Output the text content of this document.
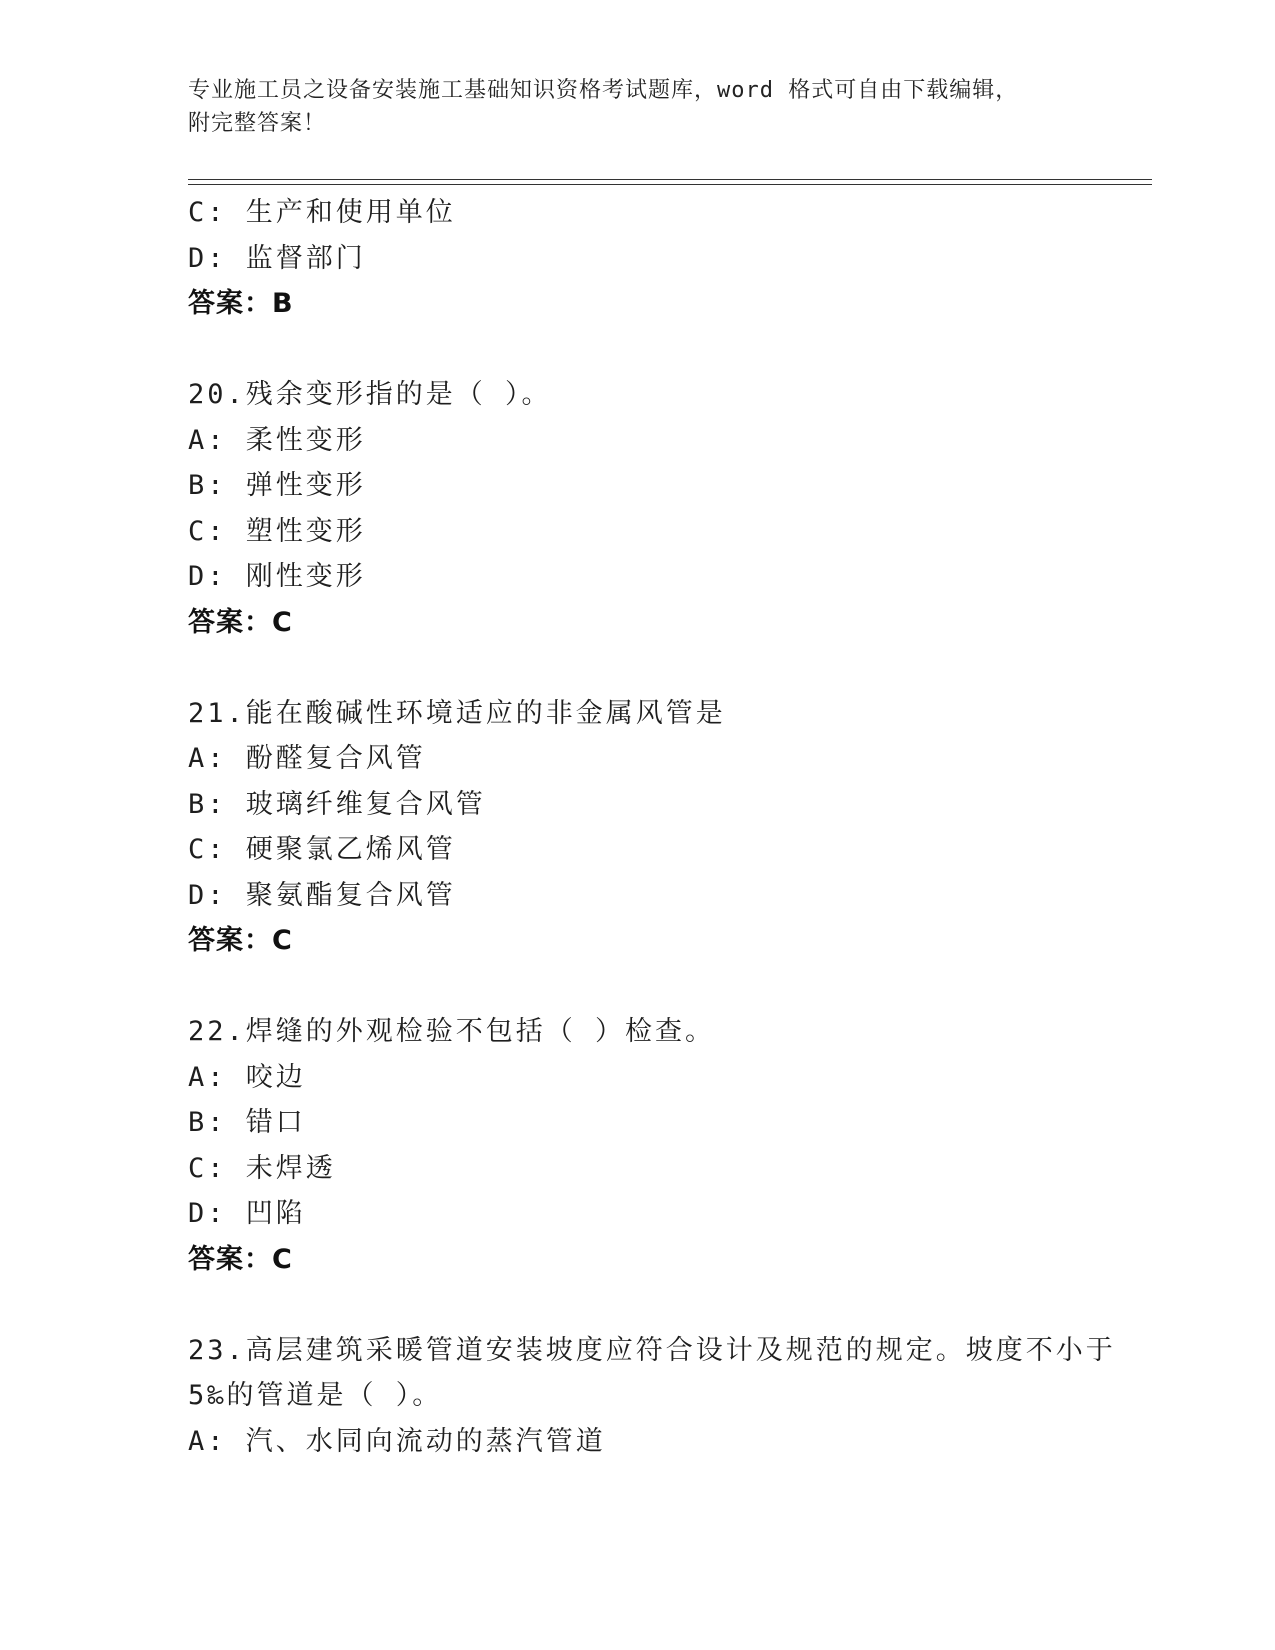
专业施工员之设备安装施工基础知识资格考试题库，word 格式可自由下载编辑，
附完整答案！
C: 生产和使用单位
D: 监督部门
答案：B
20.残余变形指的是（ ）。
A: 柔性变形
B: 弹性变形
C: 塑性变形
D: 刚性变形
答案：C
21.能在酸碱性环境适应的非金属风管是
A: 酚醛复合风管
B: 玻璃纤维复合风管
C: 硬聚氯乙烯风管
D: 聚氨酯复合风管
答案：C
22.焊缝的外观检验不包括（ ）检查。
A: 咬边
B: 错口
C: 未焊透
D: 凹陷
答案：C
23.高层建筑采暖管道安装坡度应符合设计及规范的规定。坡度不小于
5‰的管道是（ ）。
A: 汽、水同向流动的蒸汽管道
